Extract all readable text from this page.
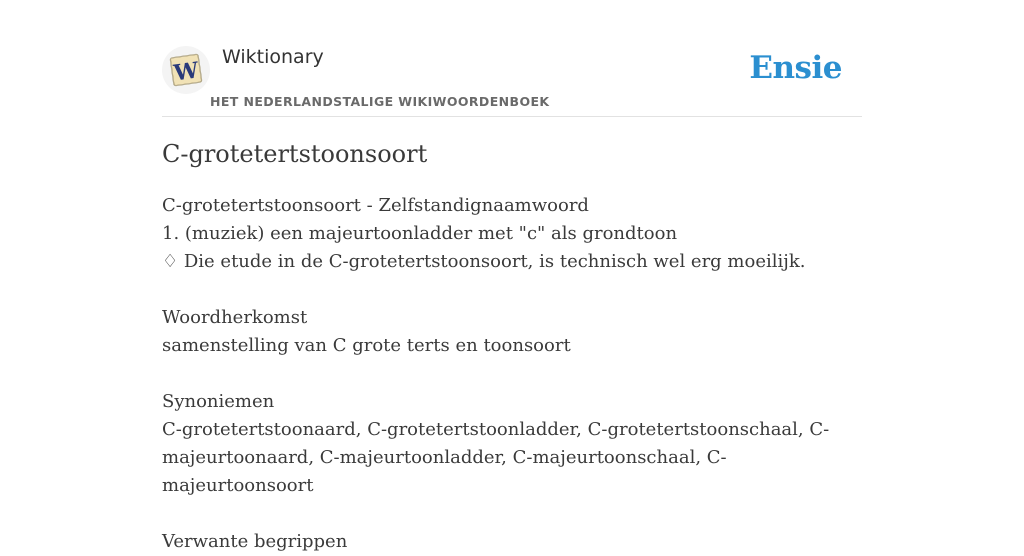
W
Wiktionary
HET NEDERLANDSTALIGE WIKIWOORDENBOEK
Ensie
C-grotetertstoonsoort

C-grotetertstoonsoort - Zelfstandignaamwoord

1. (muziek) een majeurtoonladder met "c" als grondtoon

♢ Die etude in de C-grotetertstoonsoort, is technisch wel erg moeilijk.

Woordherkomst

samenstelling van C grote terts en toonsoort

Synoniemen

C-grotetertstoonaard, C-grotetertstoonladder, C-grotetertstoonschaal, C-

majeurtoonaard, C-majeurtoonladder, C-majeurtoonschaal, C-majeurtoonsoort

Verwante begrippen
